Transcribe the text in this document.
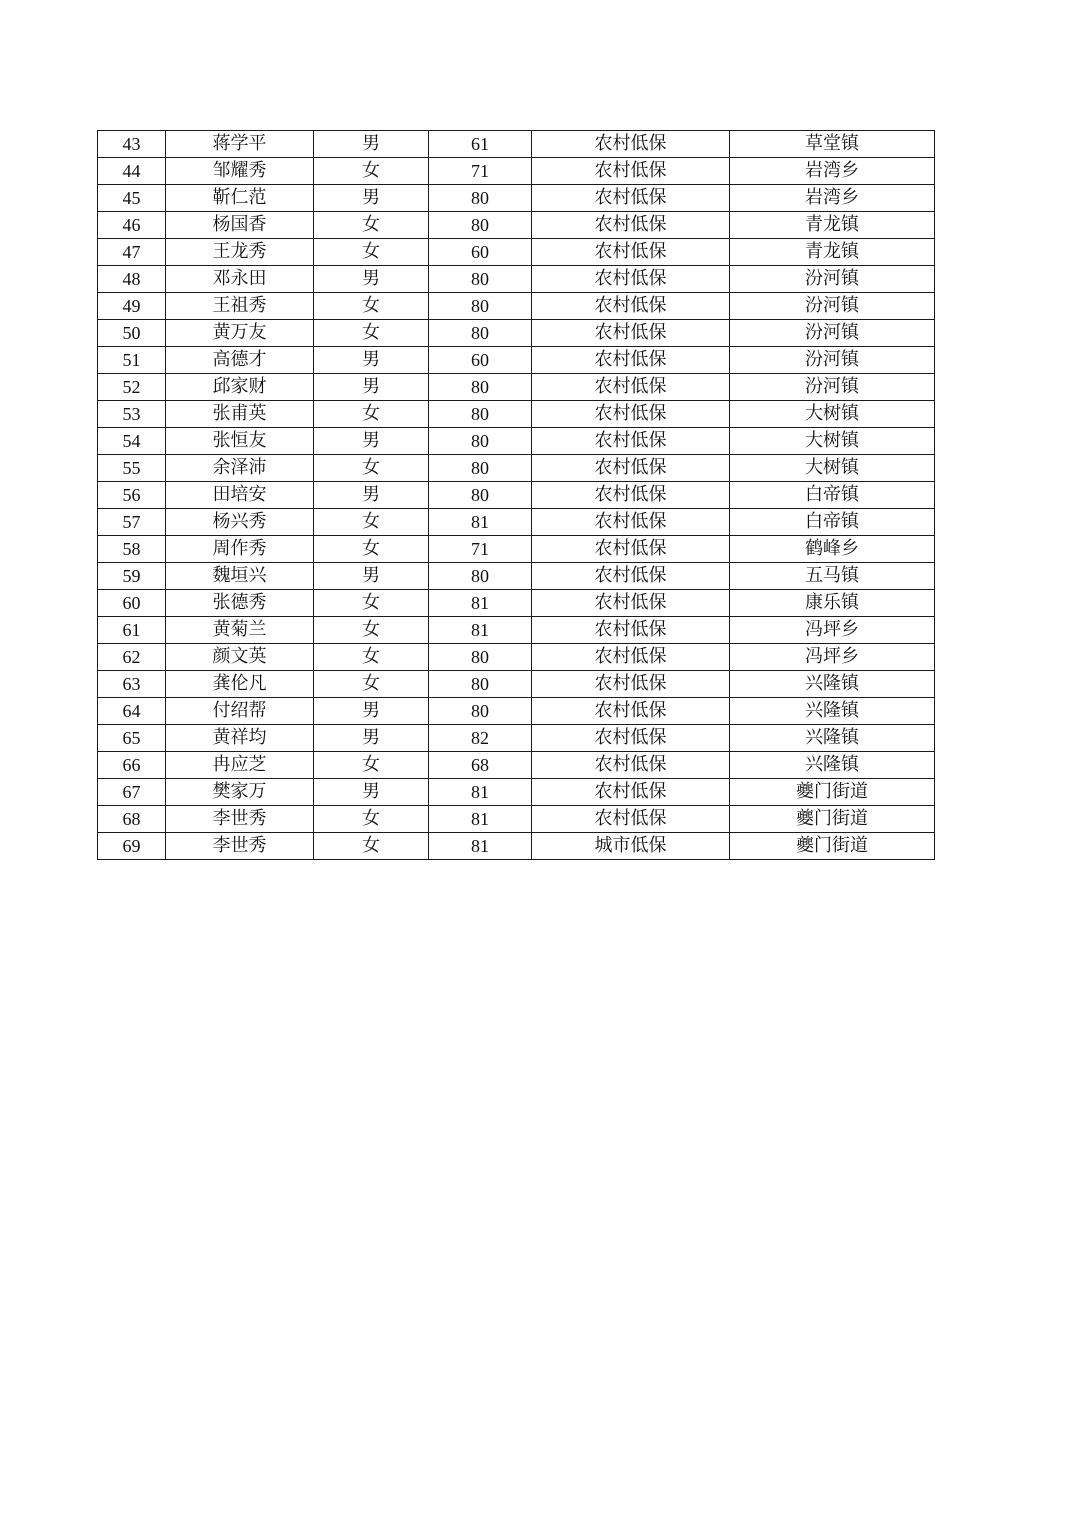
43	蒋学平	男	61	农村低保	草堂镇
44	邹耀秀	女	71	农村低保	岩湾乡
45	靳仁范	男	80	农村低保	岩湾乡
46	杨国香	女	80	农村低保	青龙镇
47	王龙秀	女	60	农村低保	青龙镇
48	邓永田	男	80	农村低保	汾河镇
49	王祖秀	女	80	农村低保	汾河镇
50	黄万友	女	80	农村低保	汾河镇
51	高德才	男	60	农村低保	汾河镇
52	邱家财	男	80	农村低保	汾河镇
53	张甫英	女	80	农村低保	大树镇
54	张恒友	男	80	农村低保	大树镇
55	余泽沛	女	80	农村低保	大树镇
56	田培安	男	80	农村低保	白帝镇
57	杨兴秀	女	81	农村低保	白帝镇
58	周作秀	女	71	农村低保	鹤峰乡
59	魏垣兴	男	80	农村低保	五马镇
60	张德秀	女	81	农村低保	康乐镇
61	黄菊兰	女	81	农村低保	冯坪乡
62	颜文英	女	80	农村低保	冯坪乡
63	龚伦凡	女	80	农村低保	兴隆镇
64	付绍帮	男	80	农村低保	兴隆镇
65	黄祥均	男	82	农村低保	兴隆镇
66	冉应芝	女	68	农村低保	兴隆镇
67	樊家万	男	81	农村低保	夔门街道
68	李世秀	女	81	农村低保	夔门街道
69	李世秀	女	81	城市低保	夔门街道
